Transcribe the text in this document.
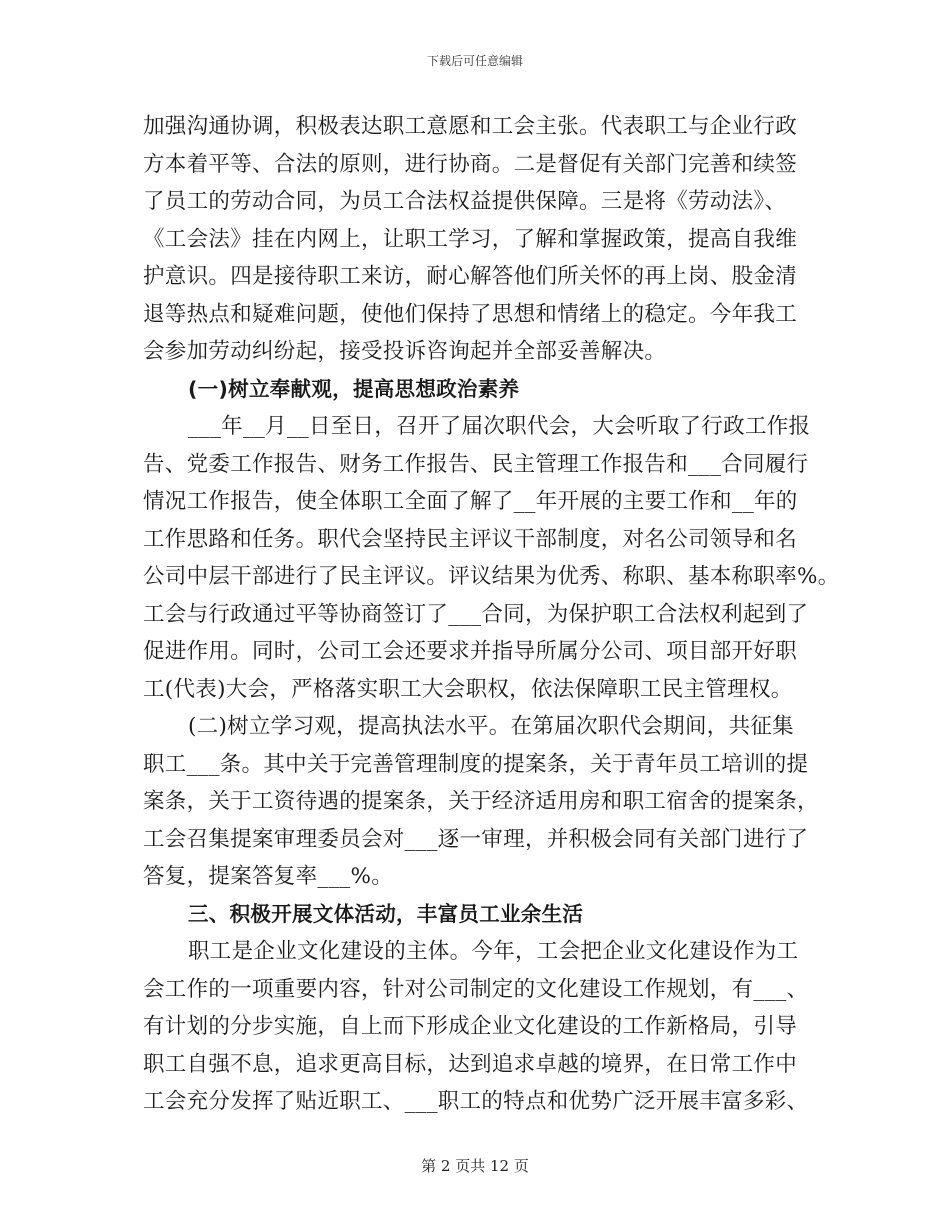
下载后可任意编辑
加强沟通协调，积极表达职工意愿和工会主张。代表职工与企业行政
方本着平等、合法的原则，进行协商。二是督促有关部门完善和续签
了员工的劳动合同，为员工合法权益提供保障。三是将《劳动法》、
《工会法》挂在内网上，让职工学习，了解和掌握政策，提高自我维
护意识。四是接待职工来访，耐心解答他们所关怀的再上岗、股金清
退等热点和疑难问题，使他们保持了思想和情绪上的稳定。今年我工
会参加劳动纠纷起，接受投诉咨询起并全部妥善解决。
(一)树立奉献观，提高思想政治素养
___年__月__日至日，召开了届次职代会，大会听取了行政工作报
告、党委工作报告、财务工作报告、民主管理工作报告和___合同履行
情况工作报告，使全体职工全面了解了__年开展的主要工作和__年的
工作思路和任务。职代会坚持民主评议干部制度，对名公司领导和名
公司中层干部进行了民主评议。评议结果为优秀、称职、基本称职率%。
工会与行政通过平等协商签订了___合同，为保护职工合法权利起到了
促进作用。同时，公司工会还要求并指导所属分公司、项目部开好职
工(代表)大会，严格落实职工大会职权，依法保障职工民主管理权。
(二)树立学习观，提高执法水平。在第届次职代会期间，共征集
职工___条。其中关于完善管理制度的提案条，关于青年员工培训的提
案条，关于工资待遇的提案条，关于经济适用房和职工宿舍的提案条，
工会召集提案审理委员会对___逐一审理，并积极会同有关部门进行了
答复，提案答复率___%。
三、积极开展文体活动，丰富员工业余生活
职工是企业文化建设的主体。今年，工会把企业文化建设作为工
会工作的一项重要内容，针对公司制定的文化建设工作规划，有___、
有计划的分步实施，自上而下形成企业文化建设的工作新格局，引导
职工自强不息，追求更高目标，达到追求卓越的境界，在日常工作中
工会充分发挥了贴近职工、___职工的特点和优势广泛开展丰富多彩、
第 2 页共 12 页
